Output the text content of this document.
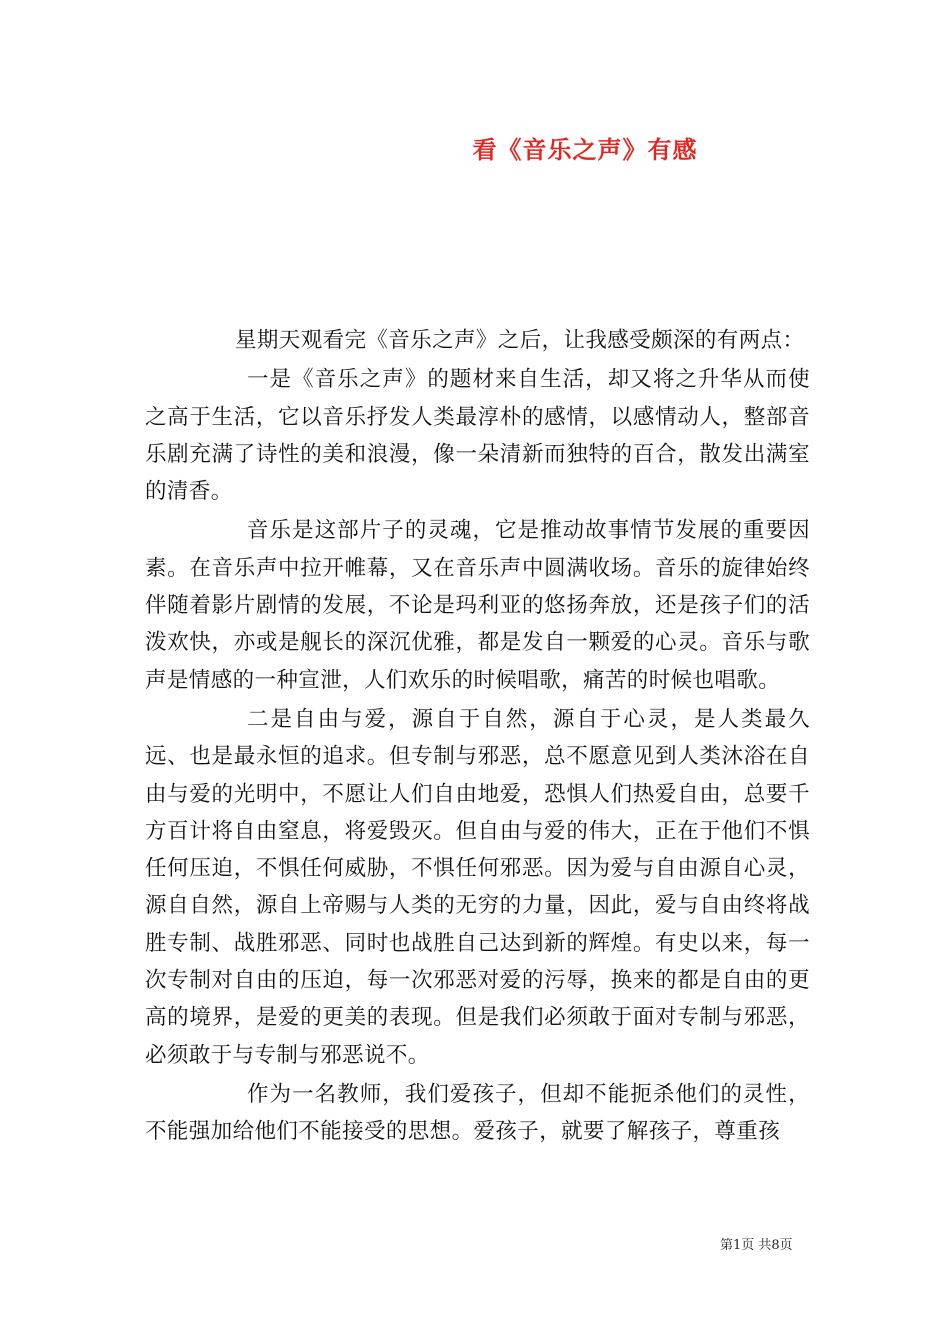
看《音乐之声》有感

星期天观看完《音乐之声》之后，让我感受颇深的有两点：

一是《音乐之声》的题材来自生活，却又将之升华从而使之高于生活，它以音乐抒发人类最淳朴的感情，以感情动人，整部音乐剧充满了诗性的美和浪漫，像一朵清新而独特的百合，散发出满室的清香。

音乐是这部片子的灵魂，它是推动故事情节发展的重要因素。在音乐声中拉开帷幕，又在音乐声中圆满收场。音乐的旋律始终伴随着影片剧情的发展，不论是玛利亚的悠扬奔放，还是孩子们的活泼欢快，亦或是舰长的深沉优雅，都是发自一颗爱的心灵。音乐与歌声是情感的一种宣泄，人们欢乐的时候唱歌，痛苦的时候也唱歌。

二是自由与爱，源自于自然，源自于心灵，是人类最久远、也是最永恒的追求。但专制与邪恶，总不愿意见到人类沐浴在自由与爱的光明中，不愿让人们自由地爱，恐惧人们热爱自由，总要千方百计将自由窒息，将爱毁灭。但自由与爱的伟大，正在于他们不惧任何压迫，不惧任何威胁，不惧任何邪恶。因为爱与自由源自心灵，源自自然，源自上帝赐与人类的无穷的力量，因此，爱与自由终将战胜专制、战胜邪恶、同时也战胜自己达到新的辉煌。有史以来，每一次专制对自由的压迫，每一次邪恶对爱的污辱，换来的都是自由的更高的境界，是爱的更美的表现。但是我们必须敢于面对专制与邪恶，必须敢于与专制与邪恶说不。

作为一名教师，我们爱孩子，但却不能扼杀他们的灵性，不能强加给他们不能接受的思想。爱孩子，就要了解孩子，尊重孩

第1页 共8页
